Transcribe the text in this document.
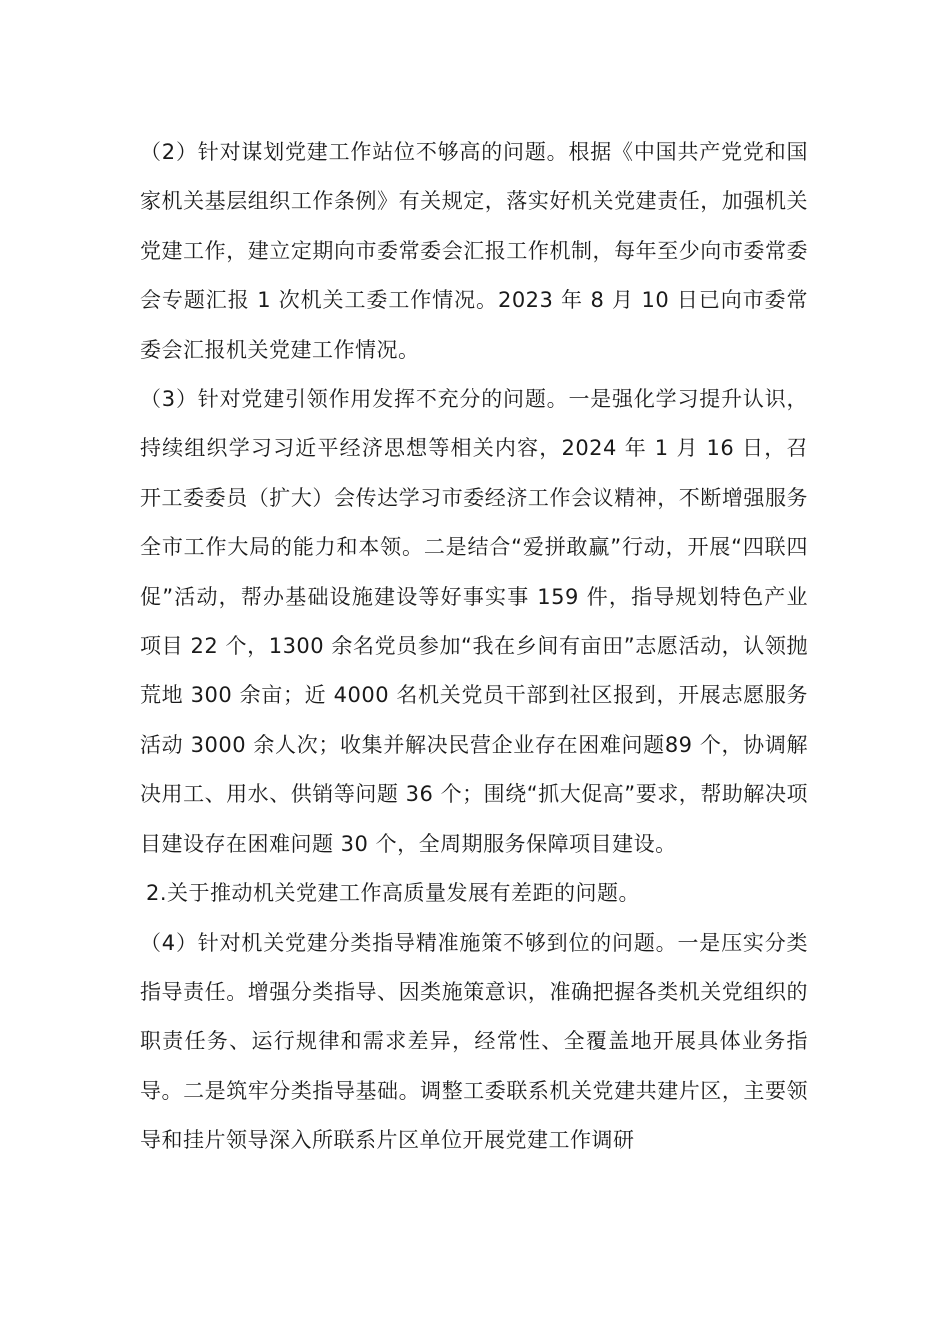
（2）针对谋划党建工作站位不够高的问题。根据《中国共产党党和国家机关基层组织工作条例》有关规定，落实好机关党建责任，加强机关党建工作，建立定期向市委常委会汇报工作机制，每年至少向市委常委会专题汇报 1 次机关工委工作情况。2023 年 8 月 10 日已向市委常委会汇报机关党建工作情况。

（3）针对党建引领作用发挥不充分的问题。一是强化学习提升认识，持续组织学习习近平经济思想等相关内容，2024 年 1 月 16 日，召开工委委员（扩大）会传达学习市委经济工作会议精神，不断增强服务全市工作大局的能力和本领。二是结合“爱拼敢赢”行动，开展“四联四促”活动，帮办基础设施建设等好事实事 159 件，指导规划特色产业项目 22 个，1300 余名党员参加“我在乡间有亩田”志愿活动，认领抛荒地 300 余亩；近 4000 名机关党员干部到社区报到，开展志愿服务活动 3000 余人次；收集并解决民营企业存在困难问题89 个，协调解决用工、用水、供销等问题 36 个；围绕“抓大促高”要求，帮助解决项目建设存在困难问题 30 个，全周期服务保障项目建设。

2.关于推动机关党建工作高质量发展有差距的问题。

（4）针对机关党建分类指导精准施策不够到位的问题。一是压实分类指导责任。增强分类指导、因类施策意识，准确把握各类机关党组织的职责任务、运行规律和需求差异，经常性、全覆盖地开展具体业务指导。二是筑牢分类指导基础。调整工委联系机关党建共建片区，主要领导和挂片领导深入所联系片区单位开展党建工作调研
